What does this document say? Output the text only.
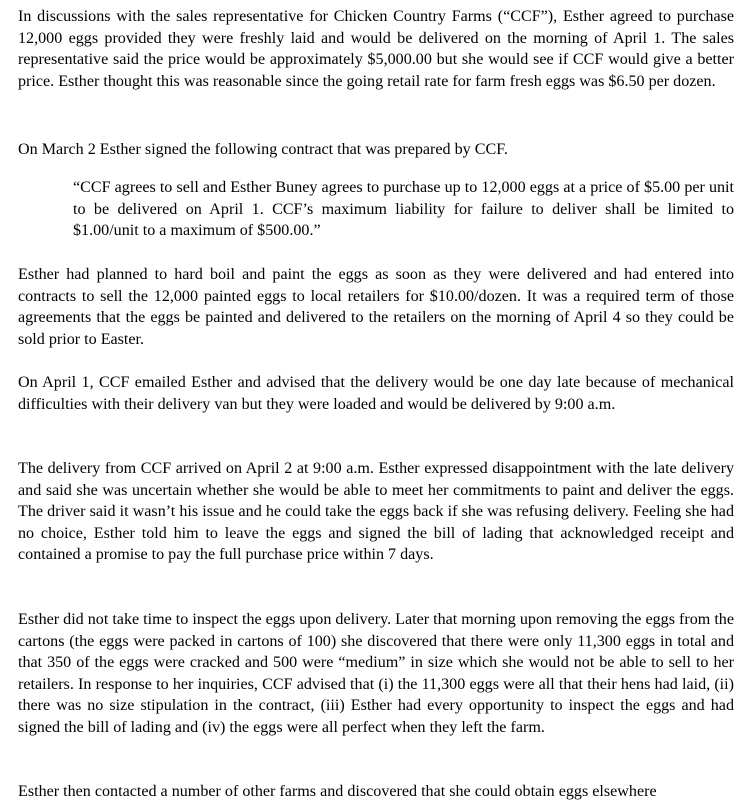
In discussions with the sales representative for Chicken Country Farms (“CCF”), Esther agreed to purchase 12,000 eggs provided they were freshly laid and would be delivered on the morning of April 1. The sales representative said the price would be approximately $5,000.00 but she would see if CCF would give a better price. Esther thought this was reasonable since the going retail rate for farm fresh eggs was $6.50 per dozen.

On March 2 Esther signed the following contract that was prepared by CCF.

“CCF agrees to sell and Esther Buney agrees to purchase up to 12,000 eggs at a price of $5.00 per unit to be delivered on April 1. CCF’s maximum liability for failure to deliver shall be limited to $1.00/unit to a maximum of $500.00.”

Esther had planned to hard boil and paint the eggs as soon as they were delivered and had entered into contracts to sell the 12,000 painted eggs to local retailers for $10.00/dozen. It was a required term of those agreements that the eggs be painted and delivered to the retailers on the morning of April 4 so they could be sold prior to Easter.

On April 1, CCF emailed Esther and advised that the delivery would be one day late because of mechanical difficulties with their delivery van but they were loaded and would be delivered by 9:00 a.m.

The delivery from CCF arrived on April 2 at 9:00 a.m. Esther expressed disappointment with the late delivery and said she was uncertain whether she would be able to meet her commitments to paint and deliver the eggs. The driver said it wasn’t his issue and he could take the eggs back if she was refusing delivery. Feeling she had no choice, Esther told him to leave the eggs and signed the bill of lading that acknowledged receipt and contained a promise to pay the full purchase price within 7 days.

Esther did not take time to inspect the eggs upon delivery. Later that morning upon removing the eggs from the cartons (the eggs were packed in cartons of 100) she discovered that there were only 11,300 eggs in total and that 350 of the eggs were cracked and 500 were “medium” in size which she would not be able to sell to her retailers. In response to her inquiries, CCF advised that (i) the 11,300 eggs were all that their hens had laid, (ii) there was no size stipulation in the contract, (iii) Esther had every opportunity to inspect the eggs and had signed the bill of lading and (iv) the eggs were all perfect when they left the farm.

Esther then contacted a number of other farms and discovered that she could obtain eggs elsewhere
